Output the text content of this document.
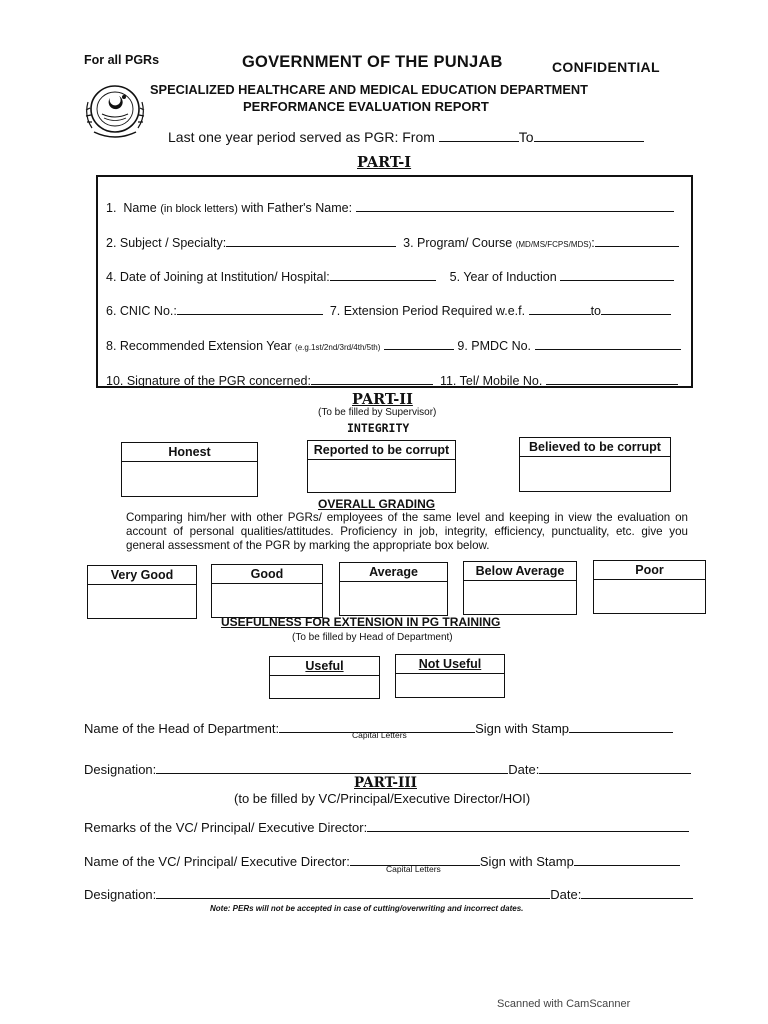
For all PGRs	GOVERNMENT OF THE PUNJAB	CONFIDENTIAL
SPECIALIZED HEALTHCARE AND MEDICAL EDUCATION DEPARTMENT
PERFORMANCE EVALUATION REPORT
Last one year period served as PGR: From	To
PART-I
1. Name (in block letters) with Father's Name:
2. Subject / Specialty:	3. Program/ Course (MD/MS/FCPS/MDS):
4. Date of Joining at Institution/ Hospital:	5. Year of Induction
6. CNIC No.:	7. Extension Period Required w.e.f.	to
8. Recommended Extension Year (e.g.1st/2nd/3rd/4th/5th)	9. PMDC No.
10. Signature of the PGR concerned:	11. Tel/ Mobile No.
PART-II
(To be filled by Supervisor)
INTEGRITY
Honest	Reported to be corrupt	Believed to be corrupt
OVERALL GRADING
Comparing him/her with other PGRs/ employees of the same level and keeping in view the evaluation on account of personal qualities/attitudes. Proficiency in job, integrity, efficiency, punctuality, etc. give you general assessment of the PGR by marking the appropriate box below.
Very Good	Good	Average	Below Average	Poor
USEFULNESS FOR EXTENSION IN PG TRAINING
(To be filled by Head of Department)
Useful	Not Useful
Name of the Head of Department:	Sign with Stamp
Capital Letters
Designation:	Date:
PART-III
(to be filled by VC/Principal/Executive Director/HOI)
Remarks of the VC/ Principal/ Executive Director:
Name of the VC/ Principal/ Executive Director:	Sign with Stamp
Capital Letters
Designation:	Date:
Note: PERs will not be accepted in case of cutting/overwriting and incorrect dates.
Scanned with CamScanner
